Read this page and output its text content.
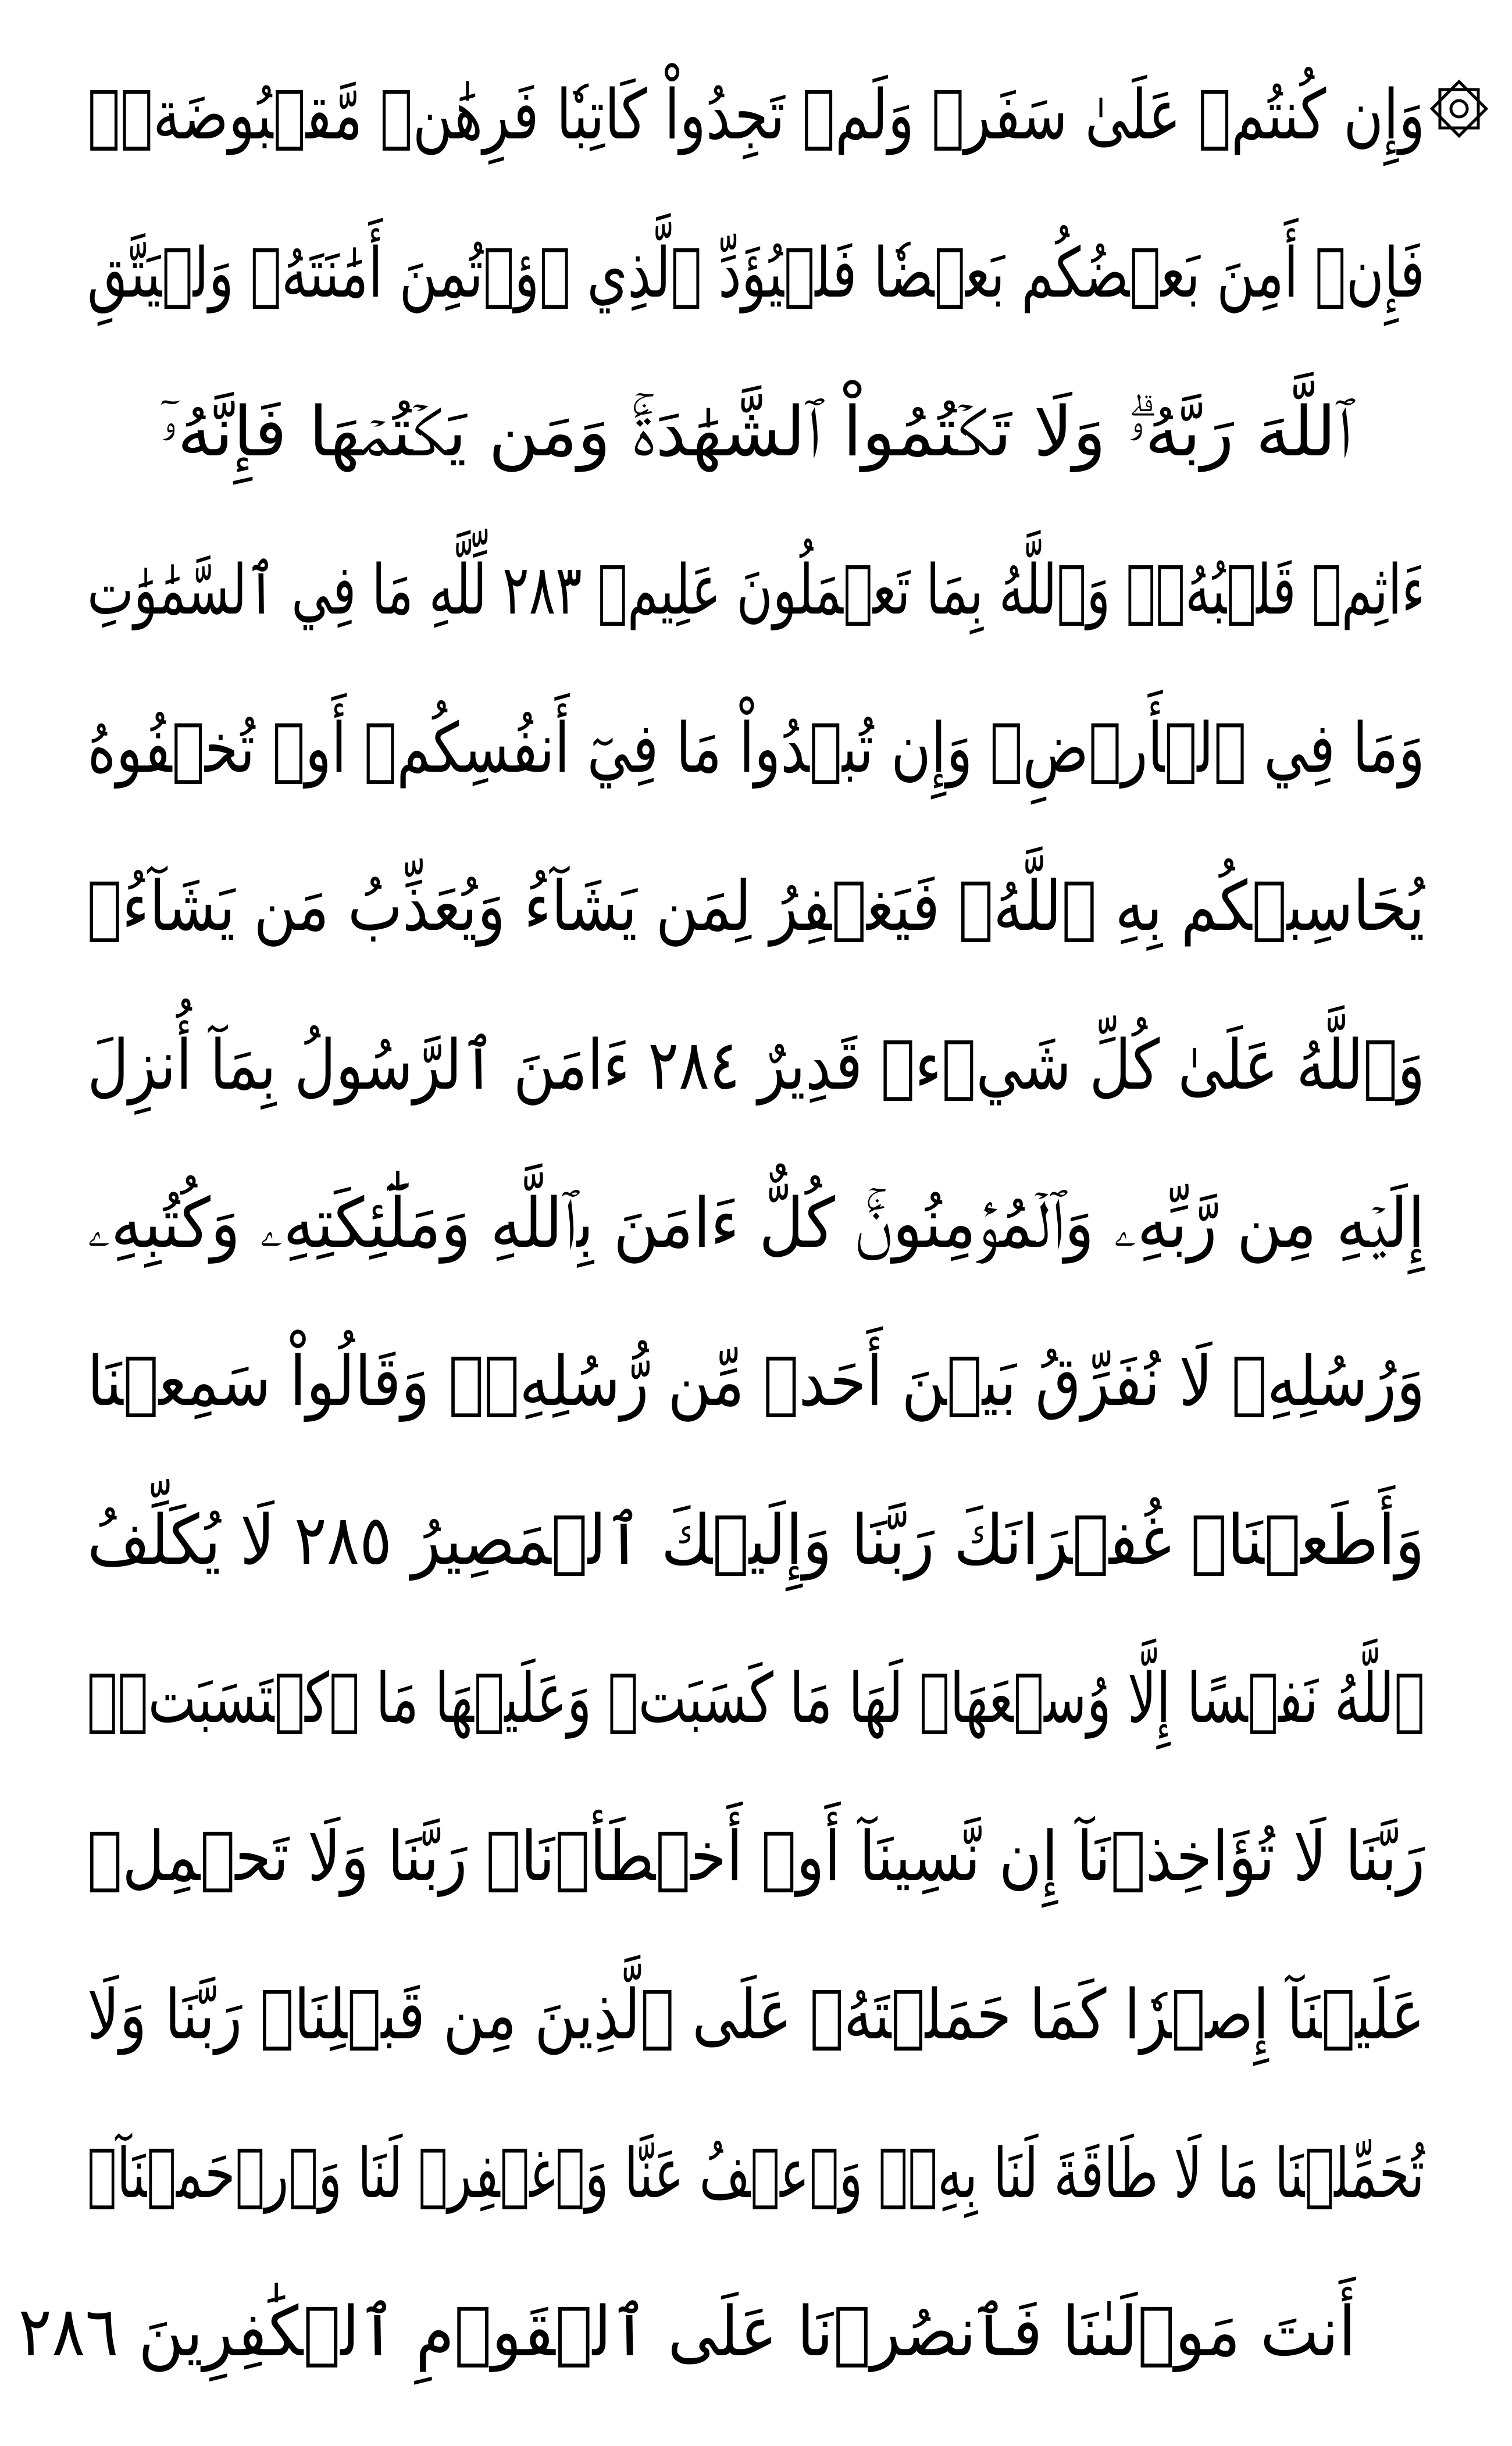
وَإِن كُنتُمۡ عَلَىٰ سَفَرٖ وَلَمۡ تَجِدُواْ كَاتِبٗا فَرِهَٰنٞ مَّقۡبُوضَةٞۖ
فَإِنۡ أَمِنَ بَعۡضُكُم بَعۡضٗا فَلۡيُؤَدِّ ٱلَّذِي ٱؤۡتُمِنَ أَمَٰنَتَهُۥ وَلۡيَتَّقِ
ٱللَّهَ رَبَّهُۥۗ وَلَا تَكۡتُمُواْ ٱلشَّهَٰدَةَۚ وَمَن يَكۡتُمۡهَا فَإِنَّهُۥٓ
ءَاثِمٞ قَلۡبُهُۥۗ وَٱللَّهُ بِمَا تَعۡمَلُونَ عَلِيمٞ ٢٨٣ لِّلَّهِ مَا فِي ٱلسَّمَٰوَٰتِ
وَمَا فِي ٱلۡأَرۡضِۗ وَإِن تُبۡدُواْ مَا فِيٓ أَنفُسِكُمۡ أَوۡ تُخۡفُوهُ
يُحَاسِبۡكُم بِهِ ٱللَّهُۖ فَيَغۡفِرُ لِمَن يَشَآءُ وَيُعَذِّبُ مَن يَشَآءُۗ
وَٱللَّهُ عَلَىٰ كُلِّ شَيۡءٖ قَدِيرٌ ٢٨٤ ءَامَنَ ٱلرَّسُولُ بِمَآ أُنزِلَ
إِلَيۡهِ مِن رَّبِّهِۦ وَٱلۡمُؤۡمِنُونَۚ كُلٌّ ءَامَنَ بِٱللَّهِ وَمَلَٰٓئِكَتِهِۦ وَكُتُبِهِۦ
وَرُسُلِهِۦ لَا نُفَرِّقُ بَيۡنَ أَحَدٖ مِّن رُّسُلِهِۦۚ وَقَالُواْ سَمِعۡنَا
وَأَطَعۡنَاۖ غُفۡرَانَكَ رَبَّنَا وَإِلَيۡكَ ٱلۡمَصِيرُ ٢٨٥ لَا يُكَلِّفُ
ٱللَّهُ نَفۡسًا إِلَّا وُسۡعَهَاۚ لَهَا مَا كَسَبَتۡ وَعَلَيۡهَا مَا ٱكۡتَسَبَتۡۗ
رَبَّنَا لَا تُؤَاخِذۡنَآ إِن نَّسِينَآ أَوۡ أَخۡطَأۡنَاۚ رَبَّنَا وَلَا تَحۡمِلۡ
عَلَيۡنَآ إِصۡرٗا كَمَا حَمَلۡتَهُۥ عَلَى ٱلَّذِينَ مِن قَبۡلِنَاۚ رَبَّنَا وَلَا
تُحَمِّلۡنَا مَا لَا طَاقَةَ لَنَا بِهِۦۖ وَٱعۡفُ عَنَّا وَٱغۡفِرۡ لَنَا وَٱرۡحَمۡنَآۚ
أَنتَ مَوۡلَىٰنَا فَٱنصُرۡنَا عَلَى ٱلۡقَوۡمِ ٱلۡكَٰفِرِينَ ٢٨٦
